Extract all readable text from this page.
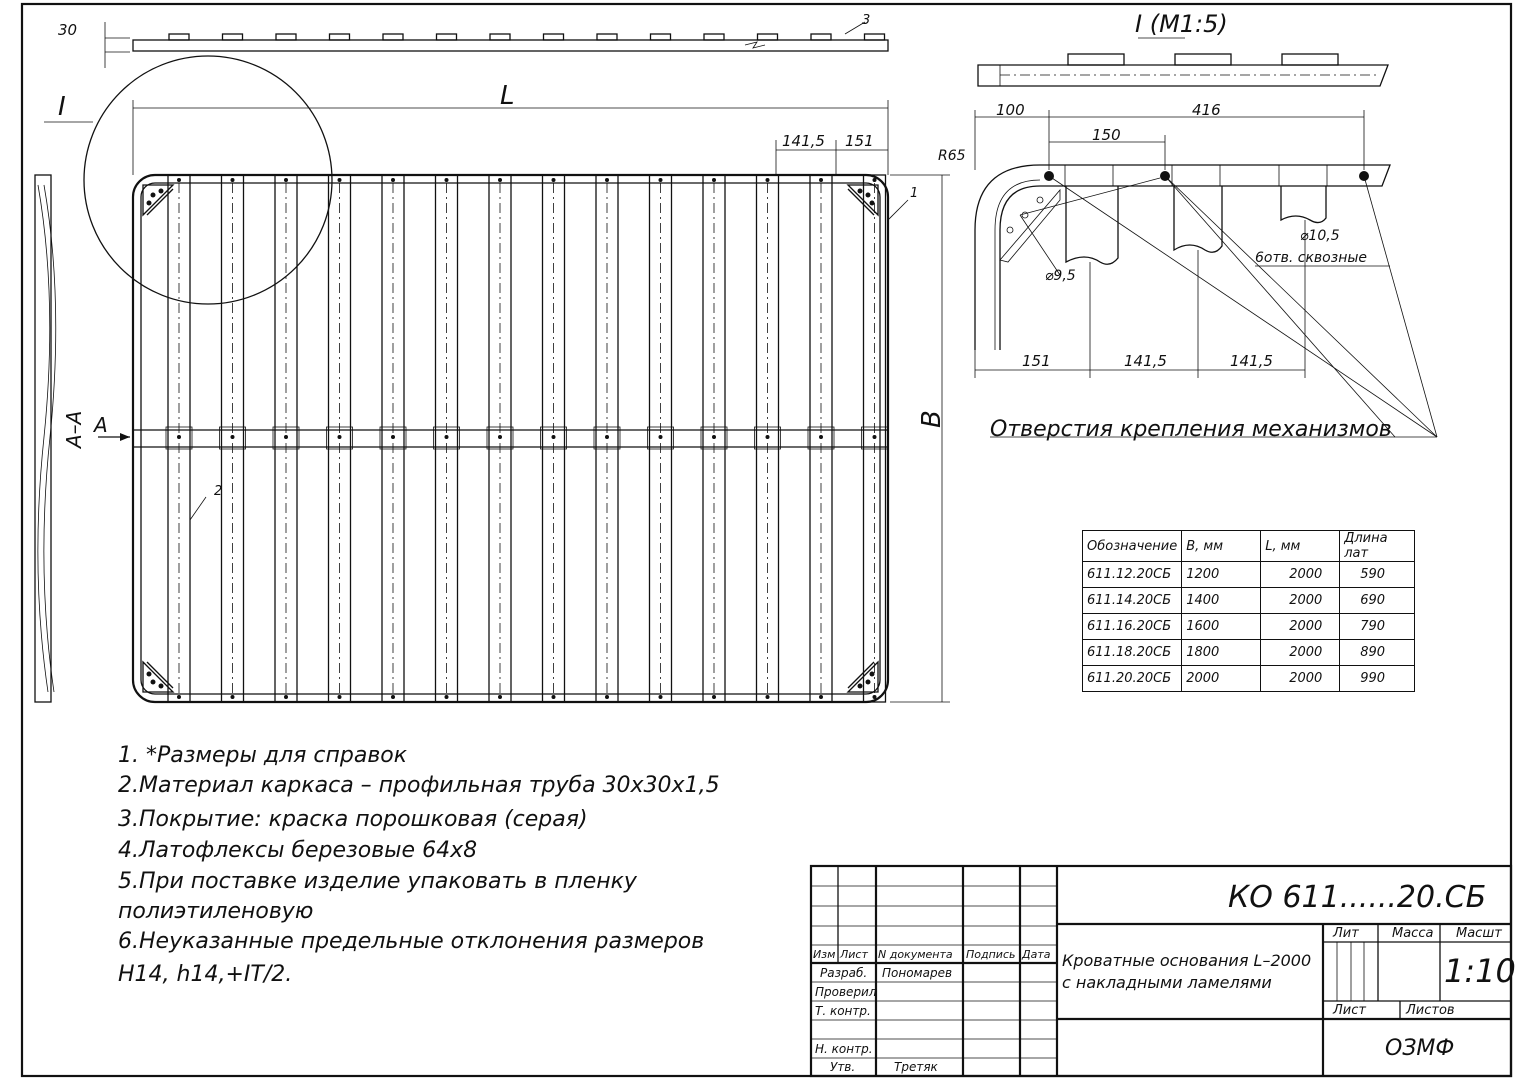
30
3
I	L
141,5 151
B
1
2
A
A–A
I (M1:5)
100	416
150
R65
⌀9,5
⌀10,5
6отв. сквозные
151	141,5	141,5
Отверстия крепления механизмов
Обозначение	B, мм	L, мм	Длина лат
611.12.20СБ	1200	2000	590
611.14.20СБ	1400	2000	690
611.16.20СБ	1600	2000	790
611.18.20СБ	1800	2000	890
611.20.20СБ	2000	2000	990
1. *Размеры для справок
2.Материал каркаса – профильная труба 30х30х1,5
3.Покрытие: краска порошковая (серая)
4.Латофлексы березовые 64х8
5.При поставке изделие упаковать в пленку
полиэтиленовую
6.Неуказанные предельные отклонения размеров
H14, h14,+IT/2.
КО 611......20.СБ
Кроватные основания L–2000
с накладными ламелями
Изм Лист N документа Подпись Дата
Разраб. Пономарев
Проверил
Т. контр.
Н. контр.
Утв.	Третяк
Лит	Масса Масшт
1:10
Лист	Листов
ОЗМФ
